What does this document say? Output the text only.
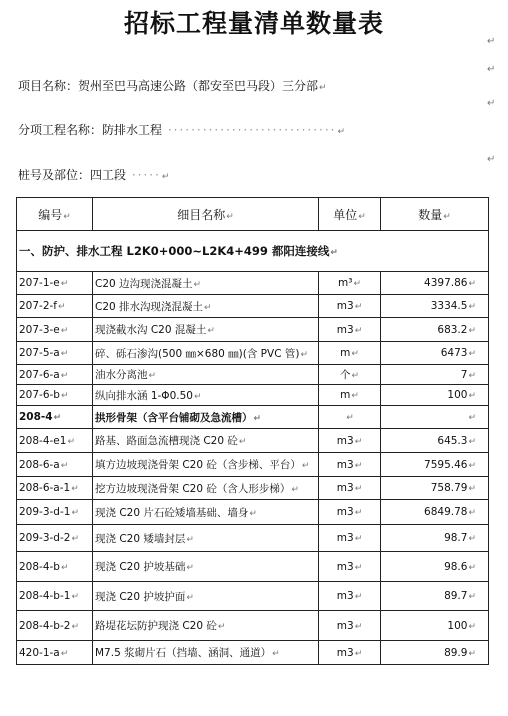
招标工程量清单数量表
↵
↵
项目名称：贺州至巴马高速公路（都安至巴马段）三分部↵
↵
分项工程名称：防排水工程 ·····························↵
↵
桩号及部位：四工段 ·····↵
编号↵	细目名称↵	单位↵	数量↵
一、防护、排水工程 L2K0+000~L2K4+499 都阳连接线↵			
207-1-e↵	C20 边沟现浇混凝土↵	m³↵	4397.86↵
207-2-f↵	C20 排水沟现浇混凝土↵	m3↵	3334.5↵
207-3-e↵	现浇截水沟 C20 混凝土↵	m3↵	683.2↵
207-5-a↵	碎、砾石渗沟(500 ㎜×680 ㎜)(含 PVC 管)↵	m↵	6473↵
207-6-a↵	油水分离池↵	个↵	7↵
207-6-b↵	纵向排水涵 1-Φ0.50↵	m↵	100↵
208-4↵	拱形骨架（含平台铺砌及急流槽）↵	↵	↵
208-4-e1↵	路基、路面急流槽现浇 C20 砼↵	m3↵	645.3↵
208-6-a↵	填方边坡现浇骨架 C20 砼（含步梯、平台）↵	m3↵	7595.46↵
208-6-a-1↵	挖方边坡现浇骨架 C20 砼（含人形步梯）↵	m3↵	758.79↵
209-3-d-1↵	现浇 C20 片石砼矮墙基础、墙身↵	m3↵	6849.78↵
209-3-d-2↵	现浇 C20 矮墙封层↵	m3↵	98.7↵
208-4-b↵	现浇 C20 护坡基础↵	m3↵	98.6↵
208-4-b-1↵	现浇 C20 护坡护面↵	m3↵	89.7↵
208-4-b-2↵	路堤花坛防护现浇 C20 砼↵	m3↵	100↵
420-1-a↵	M7.5 浆砌片石（挡墙、涵洞、通道）↵	m3↵	89.9↵
